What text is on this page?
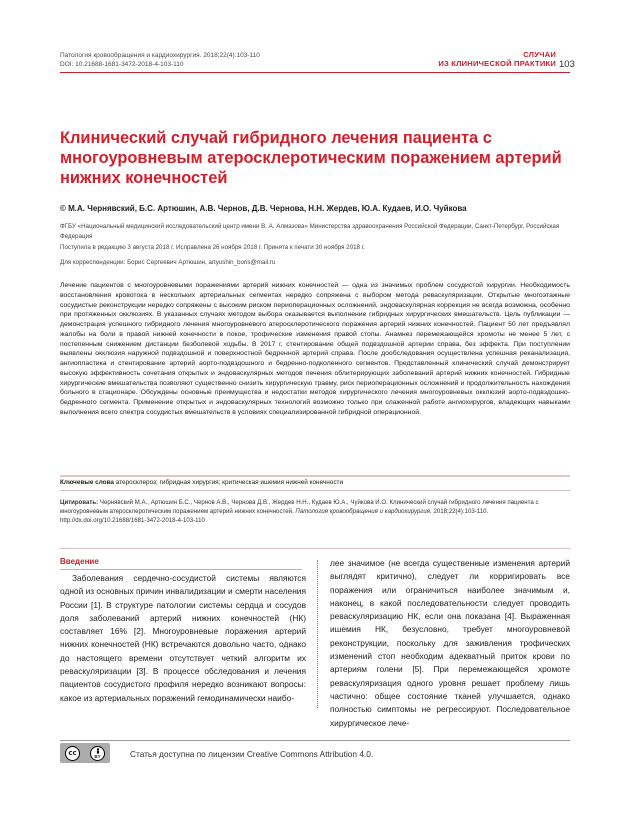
Патология кровообращения и кардиохирургия. 2018;22(4):103-110
DOI: 10.21688-1681-3472-2018-4-103-110
СЛУЧАИ
ИЗ КЛИНИЧЕСКОЙ ПРАКТИКИ 103
Клинический случай гибридного лечения пациента с многоуровневым атеросклеротическим поражением артерий нижних конечностей
© М.А. Чернявский, Б.С. Артюшин, А.В. Чернов, Д.В. Чернова, Н.Н. Жердев, Ю.А. Кудаев, И.О. Чуйкова
ФГБУ «Национальный медицинский исследовательский центр имени В. А. Алмазова» Министерства здравоохранения Российской Федерации, Санкт-Петербург, Российская Федерация
Поступила в редакцию 3 августа 2018 г. Исправлена 26 ноября 2018 г. Принята к печати 30 ноября 2018 г.
Для корреспонденции: Борис Сергеевич Артюшин, artyushin_boris@mail.ru
Лечение пациентов с многоуровневыми поражениями артерий нижних конечностей — одна из значимых проблем сосудистой хирургии. Необходимость восстановления кровотока в нескольких артериальных сегментах нередко сопряжена с выбором метода реваскуляризации. Открытые многоэтажные сосудистые реконструкции нередко сопряжены с высоким риском периоперационных осложнений, эндоваскулярная коррекция не всегда возможна, особенно при протяженных окклюзиях. В указанных случаях методом выбора оказывается выполнение гибридных хирургических вмешательств. Цель публикации — демонстрация успешного гибридного лечения многоуровневого атеросклеротического поражения артерий нижних конечностей. Пациент 50 лет предъявлял жалобы на боли в правой нижней конечности в покое, трофические изменения правой стопы. Анамнез перемежающейся хромоты не менее 5 лет, с постепенным снижением дистанции безболевой ходьбы. В 2017 г. стентирование общей подвздошной артерии справа, без эффекта. При поступлении выявлены окклюзия наружной подвздошной и поверхностной бедренной артерий справа. После дообследования осуществлена успешная реканализация, ангиопластика и стентирование артерий аорто-подвздошного и бедренно-подколенного сегментов. Представленный клинический случай демонстрирует высокую эффективность сочетания открытых и эндоваскулярных методов лечения облитерирующих заболеваний артерий нижних конечностей. Гибридные хирургические вмешательства позволяют существенно снизить хирургическую травму, риск периоперационных осложнений и продолжительность нахождения больного в стационаре. Обсуждены основные преимущества и недостатки методов хирургического лечения многоуровневых окклюзий аорто-подвздошно-бедренного сегмента. Применение открытых и эндоваскулярных технологий возможно только при слаженной работе ангиохирургов, владеющих навыками выполнения всего спектра сосудистых вмешательств в условиях специализированной гибридной операционной.
Ключевые слова атеросклероз; гибридная хирургия; критическая ишемия нижней конечности
Цитировать: Чернявский М.А., Артюшин Б.С., Чернов А.В., Чернова Д.В., Жердев Н.Н., Кудаев Ю.А., Чуйкова И.О. Клинический случай гибридного лечения пациента с многоуровневым атеросклеротическим поражением артерий нижних конечностей. Патология кровообращения и кардиохирургия. 2018;22(4):103-110. http://dx.doi.org/10.21688/1681-3472-2018-4-103-110
Введение

Заболевания сердечно-сосудистой системы являются одной из основных причин инвалидизации и смерти населения России [1]. В структуре патологии системы сердца и сосудов доля заболеваний артерий нижних конечностей (НК) составляет 16% [2]. Многоуровневые поражения артерий нижних конечностей (НК) встречаются довольно часто, однако до настоящего времени отсутствует четкий алгоритм их реваскуляризации [3]. В процессе обследования и лечения пациентов сосудистого профиля нередко возникают вопросы: какое из артериальных поражений гемодинамически наибо-

лее значимое (не всегда существенные изменения артерий выглядят критично), следует ли корригировать все поражения или ограничиться наиболее значимым и, наконец, в какой последовательности следует проводить реваскуляризацию НК, если она показана [4]. Выраженная ишемия НК, безусловно, требует многоуровневой реконструкции, поскольку для заживления трофических изменений стоп необходим адекватный приток крови по артериям голени [5]. При перемежающейся хромоте реваскуляризация одного уровня решает проблему лишь частично: общее состояние тканей улучшается, однако полностью симптомы не регрессируют. Последовательное хирургическое лече-

cc	BY	Статья доступна по лицензии Creative Commons Attribution 4.0.
